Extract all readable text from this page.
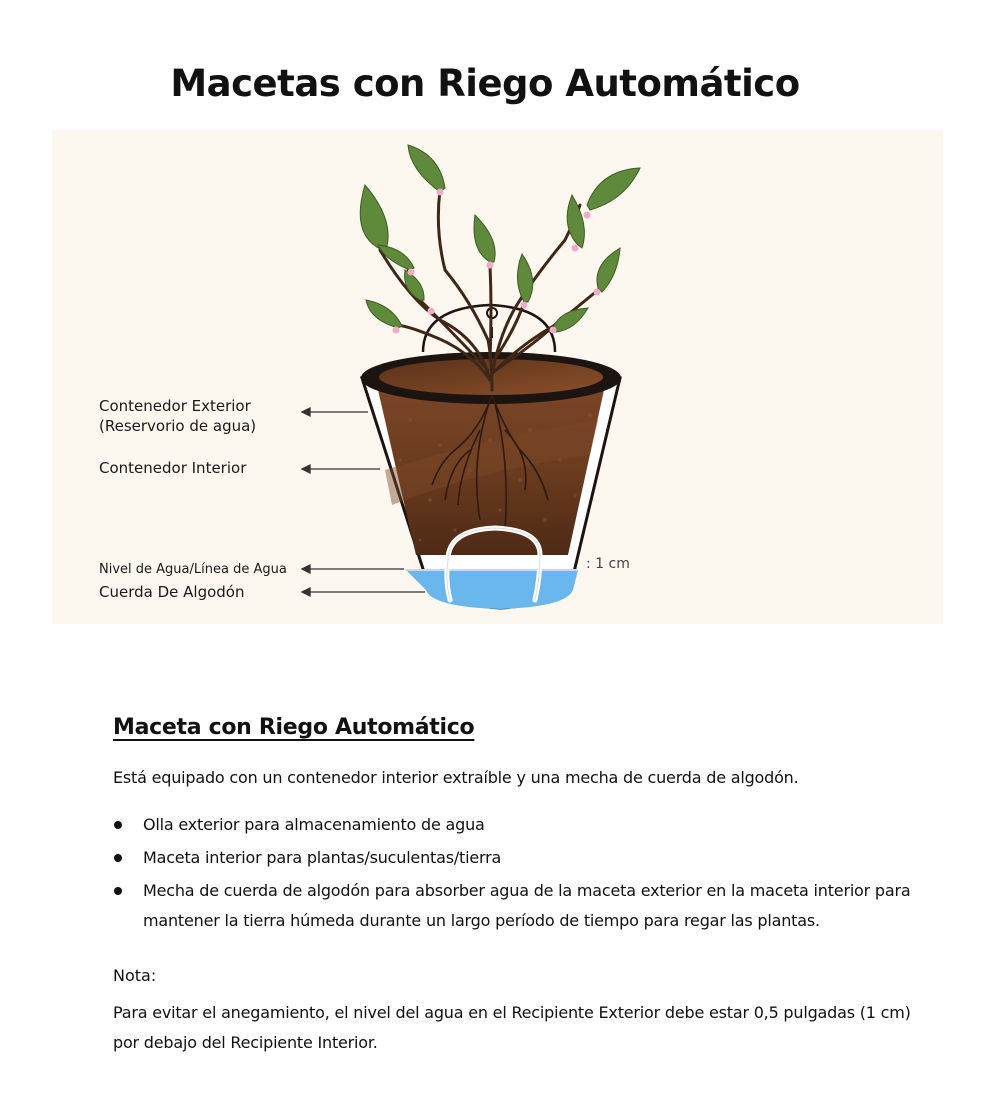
Macetas con Riego Automático
Contenedor Exterior
(Reservorio de agua)
Contenedor Interior
Nivel de Agua/Línea de Agua
Cuerda De Algodón
: 1 cm
Maceta con Riego Automático
Está equipado con un contenedor interior extraíble y una mecha de cuerda de algodón.
Olla exterior para almacenamiento de agua
Maceta interior para plantas/suculentas/tierra
Mecha de cuerda de algodón para absorber agua de la maceta exterior en la maceta interior para mantener la tierra húmeda durante un largo período de tiempo para regar las plantas.
Nota:
Para evitar el anegamiento, el nivel del agua en el Recipiente Exterior debe estar 0,5 pulgadas (1 cm) por debajo del Recipiente Interior.
